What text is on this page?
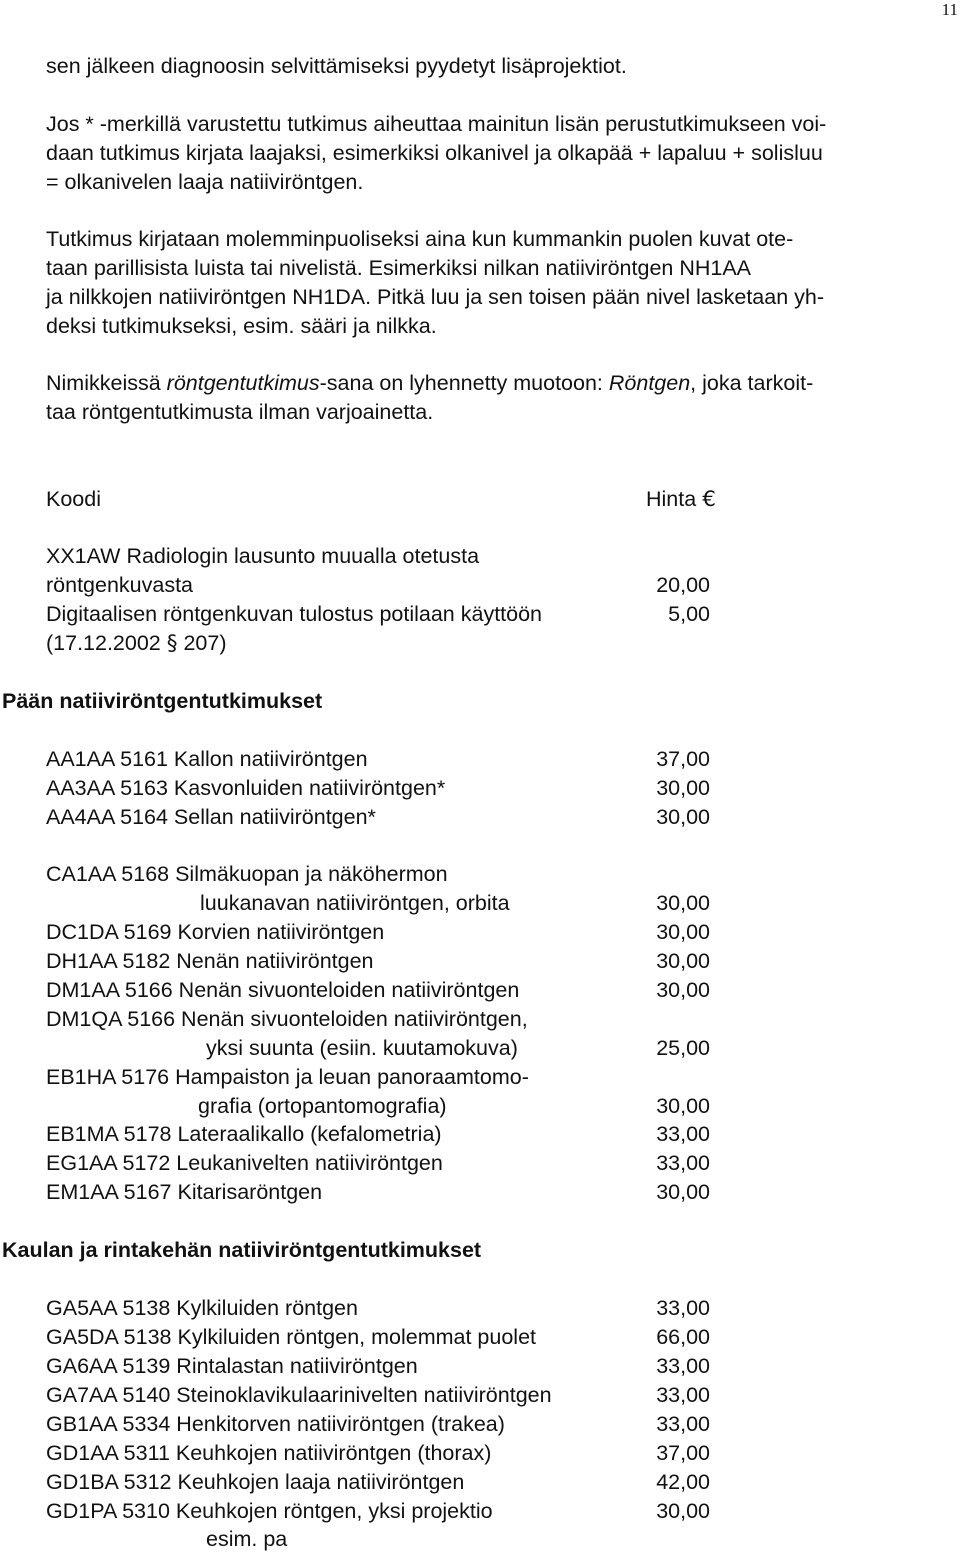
11

sen jälkeen diagnoosin selvittämiseksi pyydetyt lisäprojektiot.

Jos * -merkillä varustettu tutkimus aiheuttaa mainitun lisän perustutkimukseen voi-
daan tutkimus kirjata laajaksi, esimerkiksi olkanivel ja olkapää + lapaluu + solisluu
= olkanivelen laaja natiiviröntgen.

Tutkimus kirjataan molemminpuoliseksi aina kun kummankin puolen kuvat ote-
taan parillisista luista tai nivelistä. Esimerkiksi nilkan natiiviröntgen NH1AA
ja nilkkojen natiiviröntgen NH1DA. Pitkä luu ja sen toisen pään nivel lasketaan yh-
deksi tutkimukseksi, esim. sääri ja nilkka.

Nimikkeissä röntgentutkimus-sana on lyhennetty muotoon: Röntgen, joka tarkoit-
taa röntgentutkimusta ilman varjoainetta.

Koodi	Hinta €
XX1AW Radiologin lausunto muualla otetusta
röntgenkuvasta	20,00
Digitaalisen röntgenkuvan tulostus potilaan käyttöön	5,00
(17.12.2002 § 207)
Pään natiiviröntgentutkimukset
AA1AA 5161 Kallon natiiviröntgen	37,00
AA3AA 5163 Kasvonluiden natiiviröntgen*	30,00
AA4AA 5164 Sellan natiiviröntgen*	30,00
CA1AA 5168 Silmäkuopan ja näköhermon
luukanavan natiiviröntgen, orbita	30,00
DC1DA 5169 Korvien natiiviröntgen	30,00
DH1AA 5182 Nenän natiiviröntgen	30,00
DM1AA 5166 Nenän sivuonteloiden natiiviröntgen	30,00
DM1QA 5166 Nenän sivuonteloiden natiiviröntgen,
yksi suunta (esiin. kuutamokuva)	25,00
EB1HA 5176 Hampaiston ja leuan panoraamtomo-
grafia (ortopantomografia)	30,00
EB1MA 5178 Lateraalikallo (kefalometria)	33,00
EG1AA 5172 Leukanivelten natiiviröntgen	33,00
EM1AA 5167 Kitarisaröntgen	30,00
Kaulan ja rintakehän natiiviröntgentutkimukset
GA5AA 5138 Kylkiluiden röntgen	33,00
GA5DA 5138 Kylkiluiden röntgen, molemmat puolet	66,00
GA6AA 5139 Rintalastan natiiviröntgen	33,00
GA7AA 5140 Steinoklavikulaarinivelten natiiviröntgen	33,00
GB1AA 5334 Henkitorven natiiviröntgen (trakea)	33,00
GD1AA 5311 Keuhkojen natiiviröntgen (thorax)	37,00
GD1BA 5312 Keuhkojen laaja natiiviröntgen	42,00
GD1PA 5310 Keuhkojen röntgen, yksi projektio	30,00
esim. pa
